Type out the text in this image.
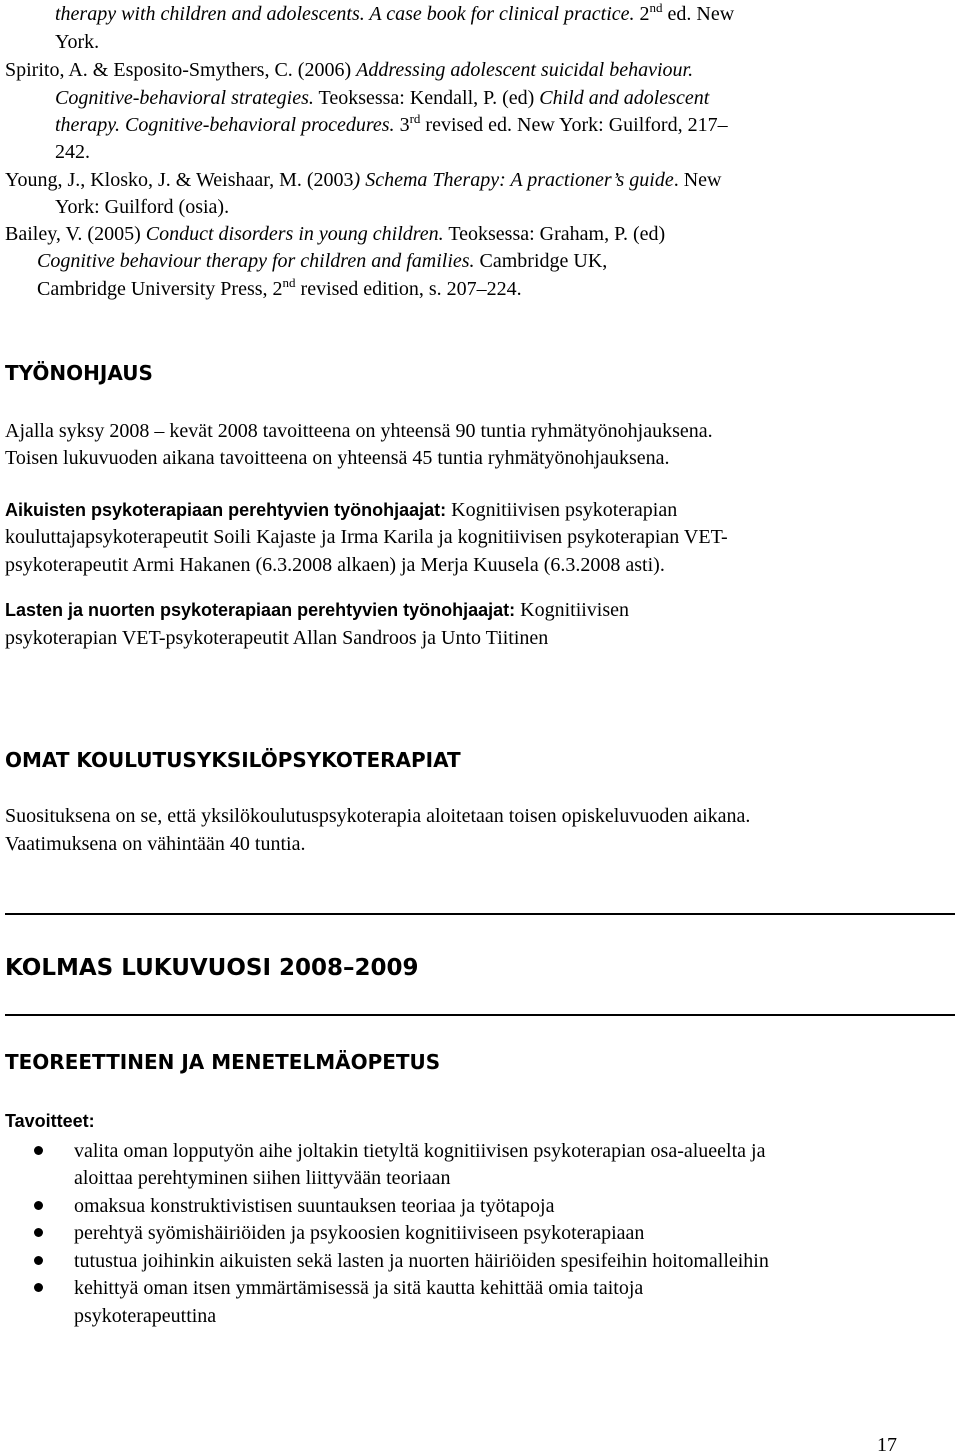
therapy with children and adolescents. A case book for clinical practice. 2nd ed. New
York.
Spirito, A. & Esposito-Smythers, C. (2006) Addressing adolescent suicidal behaviour.
Cognitive-behavioral strategies. Teoksessa: Kendall, P. (ed) Child and adolescent
therapy. Cognitive-behavioral procedures. 3rd revised ed. New York: Guilford, 217–
242.
Young, J., Klosko, J. & Weishaar, M. (2003) Schema Therapy: A practioner’s guide. New
York: Guilford (osia).
Bailey, V. (2005) Conduct disorders in young children. Teoksessa: Graham, P. (ed)
Cognitive behaviour therapy for children and families. Cambridge UK,
Cambridge University Press, 2nd revised edition, s. 207–224.
TYÖNOHJAUS
Ajalla syksy 2008 – kevät 2008 tavoitteena on yhteensä 90 tuntia ryhmätyönohjauksena.
Toisen lukuvuoden aikana tavoitteena on yhteensä 45 tuntia ryhmätyönohjauksena.
Aikuisten psykoterapiaan perehtyvien työnohjaajat: Kognitiivisen psykoterapian
kouluttajapsykoterapeutit Soili Kajaste ja Irma Karila ja kognitiivisen psykoterapian VET-
psykoterapeutit Armi Hakanen (6.3.2008 alkaen) ja Merja Kuusela (6.3.2008 asti).
Lasten ja nuorten psykoterapiaan perehtyvien työnohjaajat: Kognitiivisen
psykoterapian VET-psykoterapeutit Allan Sandroos ja Unto Tiitinen
OMAT KOULUTUSYKSILÖPSYKOTERAPIAT
Suosituksena on se, että yksilökoulutuspsykoterapia aloitetaan toisen opiskeluvuoden aikana.
Vaatimuksena on vähintään 40 tuntia.
KOLMAS LUKUVUOSI 2008–2009
TEOREETTINEN JA MENETELMÄOPETUS
Tavoitteet:
valita oman lopputyön aihe joltakin tietyltä kognitiivisen psykoterapian osa-alueelta ja
aloittaa perehtyminen siihen liittyvään teoriaan
omaksua konstruktivistisen suuntauksen teoriaa ja työtapoja
perehtyä syömishäiriöiden ja psykoosien kognitiiviseen psykoterapiaan
tutustua joihinkin aikuisten sekä lasten ja nuorten häiriöiden spesifeihin hoitomalleihin
kehittyä oman itsen ymmärtämisessä ja sitä kautta kehittää omia taitoja
psykoterapeuttina
17
